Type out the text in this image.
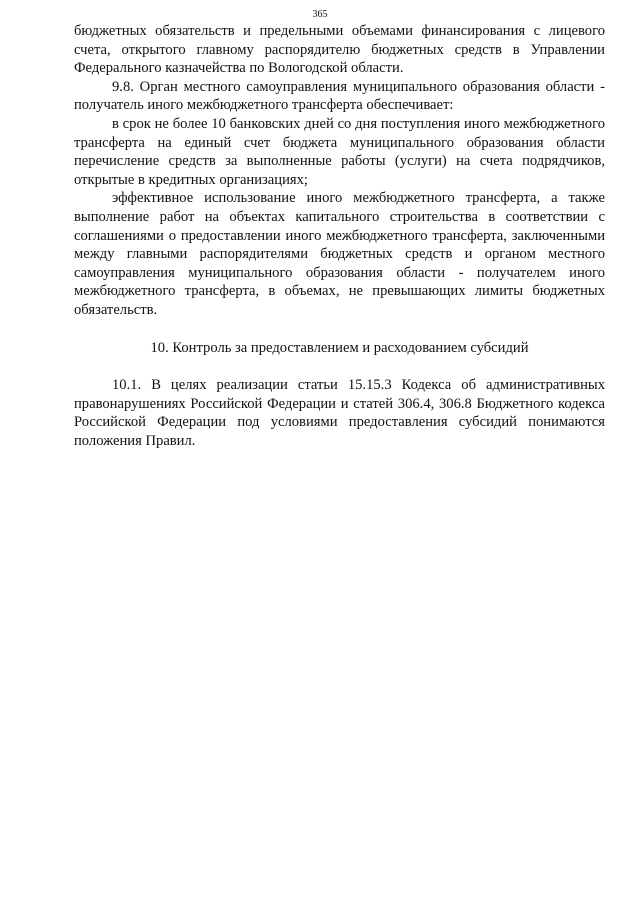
365

бюджетных обязательств и предельными объемами финансирования с лицевого счета, открытого главному распорядителю бюджетных средств в Управлении Федерального казначейства по Вологодской области.

9.8. Орган местного самоуправления муниципального образования области - получатель иного межбюджетного трансферта обеспечивает:

в срок не более 10 банковских дней со дня поступления иного межбюджетного трансферта на единый счет бюджета муниципального образования области перечисление средств за выполненные работы (услуги) на счета подрядчиков, открытые в кредитных организациях;

эффективное использование иного межбюджетного трансферта, а также выполнение работ на объектах капитального строительства в соответствии с соглашениями о предоставлении иного межбюджетного трансферта, заключенными между главными распорядителями бюджетных средств и органом местного самоуправления муниципального образования области - получателем иного межбюджетного трансферта, в объемах, не превышающих лимиты бюджетных обязательств.

10. Контроль за предоставлением и расходованием субсидий

10.1. В целях реализации статьи 15.15.3 Кодекса об административных правонарушениях Российской Федерации и статей 306.4, 306.8 Бюджетного кодекса Российской Федерации под условиями предоставления субсидий понимаются положения Правил.
